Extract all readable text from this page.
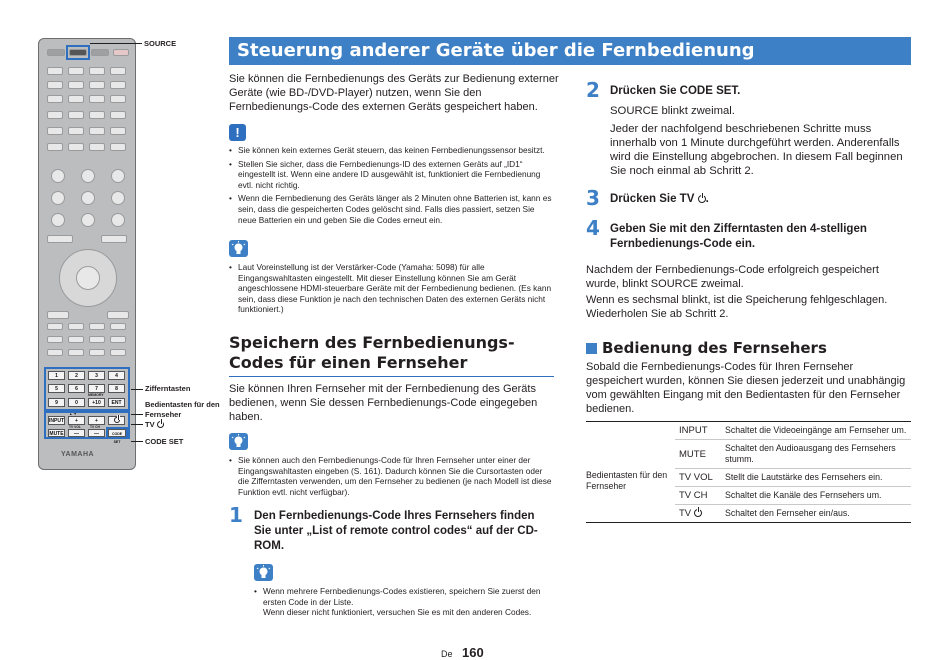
1	2	3	4
5	6	7	8
MEMORY
9	0	+10	ENT
▲ ▼
INPUT	+	+
TV VOL	TV CH
MUTE	—	—	CODE SET
YAMAHA
SOURCE
Zifferntasten
Bedientasten für den
Fernseher
TV
CODE SET
Steuerung anderer Geräte über die Fernbedienung

Sie können die Fernbedienungs des Geräts zur Bedienung externer Geräte (wie BD-/DVD-Player) nutzen, wenn Sie den Fernbedienungs-Code des externen Geräts gespeichert haben.

!
• Sie können kein externes Gerät steuern, das keinen Fernbedienungssensor besitzt.
• Stellen Sie sicher, dass die Fernbedienungs-ID des externen Geräts auf „ID1“ eingestellt ist. Wenn eine andere ID ausgewählt ist, funktioniert die Fernbedienung evtl. nicht richtig.
• Wenn die Fernbedienung des Geräts länger als 2 Minuten ohne Batterien ist, kann es sein, dass die gespeicherten Codes gelöscht sind. Falls dies passiert, setzen Sie neue Batterien ein und geben Sie die Codes erneut ein.
• Laut Voreinstellung ist der Verstärker-Code (Yamaha: 5098) für alle Eingangswahltasten eingestellt. Mit dieser Einstellung können Sie am Gerät angeschlossene HDMI-steuerbare Geräte mit der Fernbedienung bedienen. (Es kann sein, dass diese Funktion je nach den technischen Daten des externen Geräts nicht funktioniert.)
Speichern des Fernbedienungs-Codes für einen Fernseher

Sie können Ihren Fernseher mit der Fernbedienung des Geräts bedienen, wenn Sie dessen Fernbedienungs-Code eingegeben haben.

• Sie können auch den Fernbedienungs-Code für Ihren Fernseher unter einer der Eingangswahltasten eingeben (S. 161). Dadurch können Sie die Cursortasten oder die Zifferntasten verwenden, um den Fernseher zu bedienen (je nach Modell ist diese Funktion evtl. nicht verfügbar).
1 Den Fernbedienungs-Code Ihres Fernsehers finden Sie unter „List of remote control codes“ auf der CD-ROM.
• Wenn mehrere Fernbedienungs-Codes existieren, speichern Sie zuerst den ersten Code in der Liste.
Wenn dieser nicht funktioniert, versuchen Sie es mit den anderen Codes.
2 Drücken Sie CODE SET.

SOURCE blinkt zweimal.

Jeder der nachfolgend beschriebenen Schritte muss innerhalb von 1 Minute durchgeführt werden. Anderenfalls wird die Einstellung abgebrochen. In diesem Fall beginnen Sie noch einmal ab Schritt 2.

3 Drücken Sie TV .
4 Geben Sie mit den Zifferntasten den 4-stelligen Fernbedienungs-Code ein.

Nachdem der Fernbedienungs-Code erfolgreich gespeichert wurde, blinkt SOURCE zweimal.

Wenn es sechsmal blinkt, ist die Speicherung fehlgeschlagen. Wiederholen Sie ab Schritt 2.

Bedienung des Fernsehers

Sobald die Fernbedienungs-Codes für Ihren Fernseher gespeichert wurden, können Sie diesen jederzeit und unabhängig vom gewählten Eingang mit den Bedientasten für den Fernseher bedienen.

Bedientasten für den Fernseher
INPUT	Schaltet die Videoeingänge am Fernseher um.
MUTE	Schaltet den Audioausgang des Fernsehers stumm.
TV VOL	Stellt die Lautstärke des Fernsehers ein.
TV CH	Schaltet die Kanäle des Fernsehers um.
TV	Schaltet den Fernseher ein/aus.
De 160
